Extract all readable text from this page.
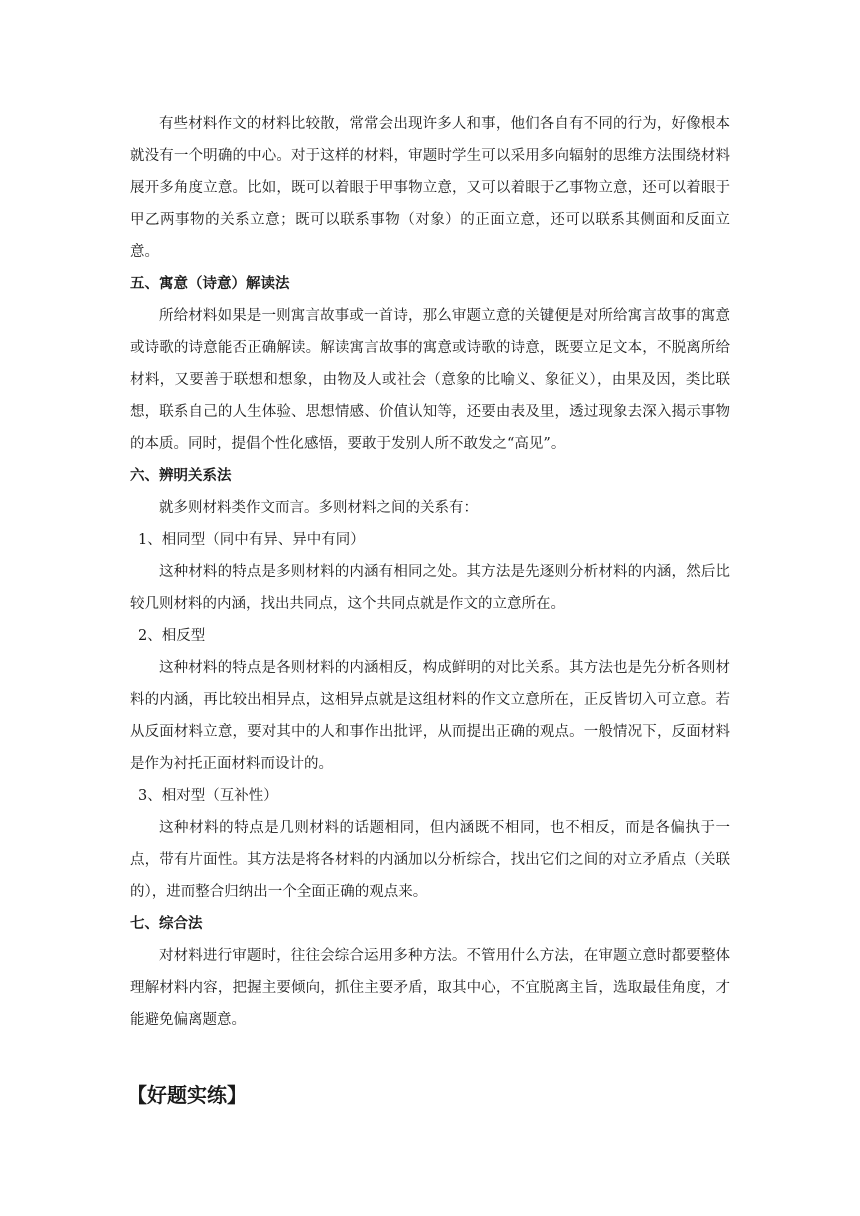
有些材料作文的材料比较散，常常会出现许多人和事，他们各自有不同的行为，好像根本就没有一个明确的中心。对于这样的材料，审题时学生可以采用多向辐射的思维方法围绕材料展开多角度立意。比如，既可以着眼于甲事物立意，又可以着眼于乙事物立意，还可以着眼于甲乙两事物的关系立意；既可以联系事物（对象）的正面立意，还可以联系其侧面和反面立意。

五、寓意（诗意）解读法

所给材料如果是一则寓言故事或一首诗，那么审题立意的关键便是对所给寓言故事的寓意或诗歌的诗意能否正确解读。解读寓言故事的寓意或诗歌的诗意，既要立足文本，不脱离所给材料，又要善于联想和想象，由物及人或社会（意象的比喻义、象征义），由果及因，类比联想，联系自己的人生体验、思想情感、价值认知等，还要由表及里，透过现象去深入揭示事物的本质。同时，提倡个性化感悟，要敢于发别人所不敢发之“高见”。

六、辨明关系法

就多则材料类作文而言。多则材料之间的关系有：

1、相同型（同中有异、异中有同）

这种材料的特点是多则材料的内涵有相同之处。其方法是先逐则分析材料的内涵，然后比较几则材料的内涵，找出共同点，这个共同点就是作文的立意所在。

2、相反型

这种材料的特点是各则材料的内涵相反，构成鲜明的对比关系。其方法也是先分析各则材料的内涵，再比较出相异点，这相异点就是这组材料的作文立意所在，正反皆切入可立意。若从反面材料立意，要对其中的人和事作出批评，从而提出正确的观点。一般情况下，反面材料是作为衬托正面材料而设计的。

3、相对型（互补性）

这种材料的特点是几则材料的话题相同，但内涵既不相同，也不相反，而是各偏执于一点，带有片面性。其方法是将各材料的内涵加以分析综合，找出它们之间的对立矛盾点（关联的），进而整合归纳出一个全面正确的观点来。

七、综合法

对材料进行审题时，往往会综合运用多种方法。不管用什么方法，在审题立意时都要整体理解材料内容，把握主要倾向，抓住主要矛盾，取其中心，不宜脱离主旨，选取最佳角度，才能避免偏离题意。

【好题实练】
